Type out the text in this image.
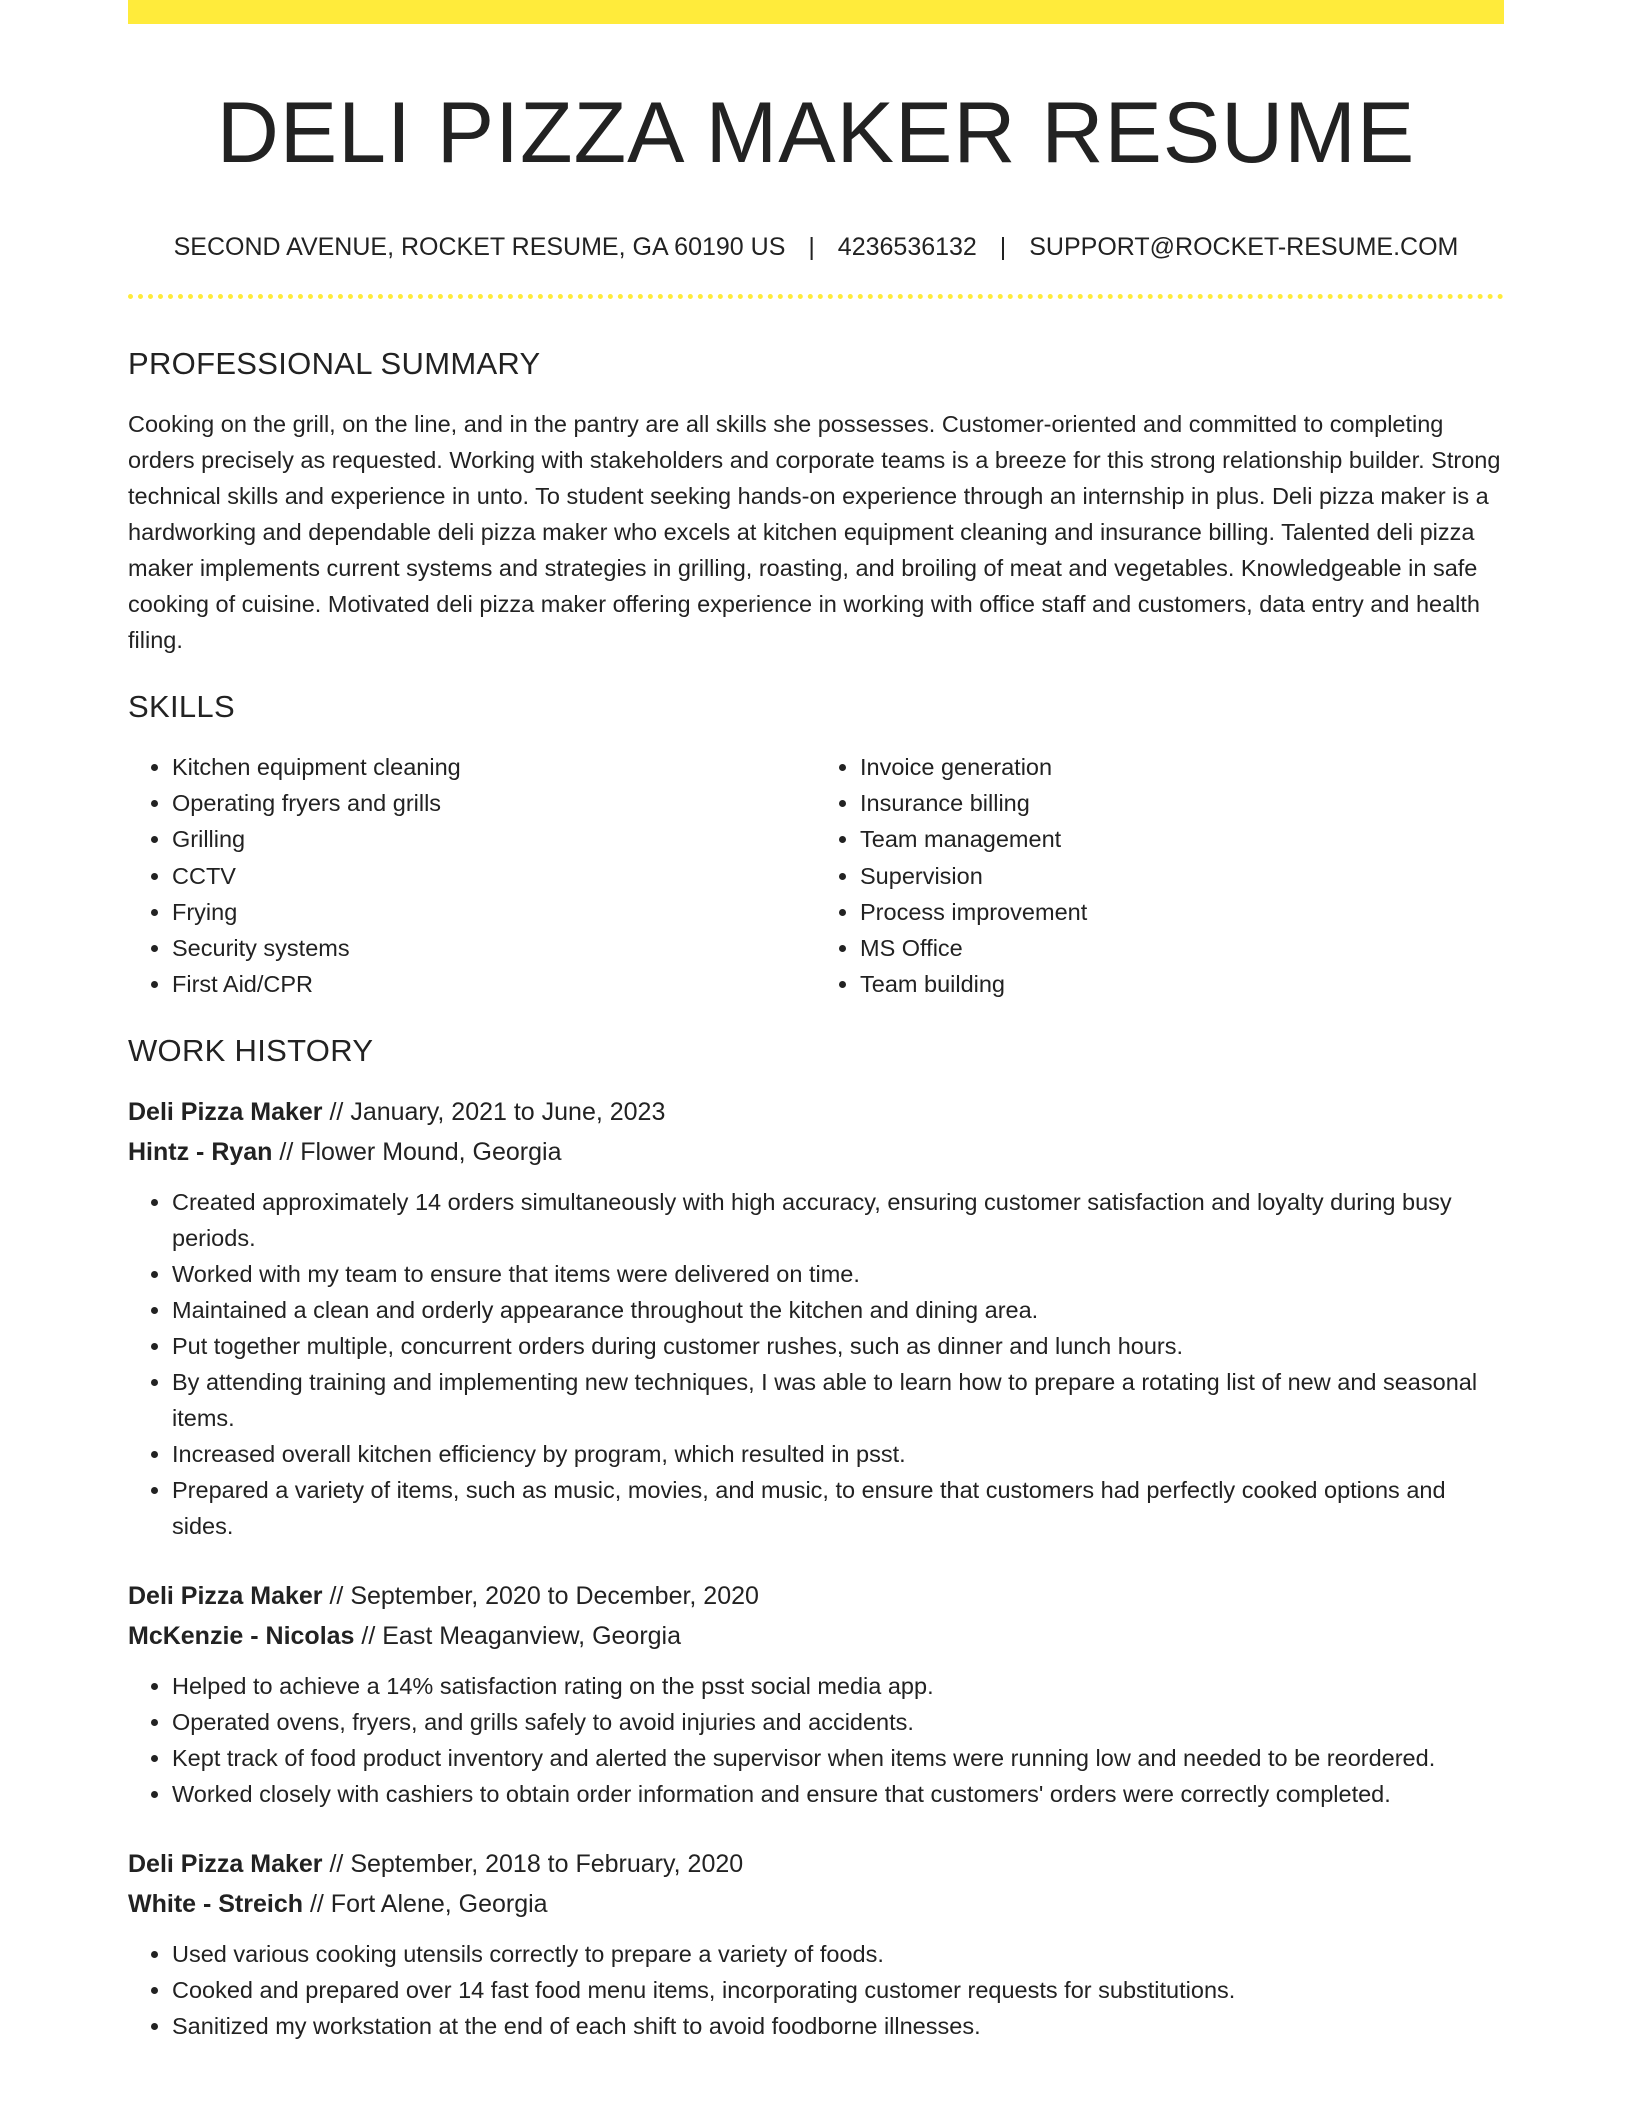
DELI PIZZA MAKER RESUME
SECOND AVENUE, ROCKET RESUME, GA 60190 US | 4236536132 | SUPPORT@ROCKET-RESUME.COM
PROFESSIONAL SUMMARY
Cooking on the grill, on the line, and in the pantry are all skills she possesses. Customer-oriented and committed to completing orders precisely as requested. Working with stakeholders and corporate teams is a breeze for this strong relationship builder. Strong technical skills and experience in unto. To student seeking hands-on experience through an internship in plus. Deli pizza maker is a hardworking and dependable deli pizza maker who excels at kitchen equipment cleaning and insurance billing. Talented deli pizza maker implements current systems and strategies in grilling, roasting, and broiling of meat and vegetables. Knowledgeable in safe cooking of cuisine. Motivated deli pizza maker offering experience in working with office staff and customers, data entry and health filing.
SKILLS
• Kitchen equipment cleaning
• Operating fryers and grills
• Grilling
• CCTV
• Frying
• Security systems
• First Aid/CPR
• Invoice generation
• Insurance billing
• Team management
• Supervision
• Process improvement
• MS Office
• Team building
WORK HISTORY
Deli Pizza Maker // January, 2021 to June, 2023
Hintz - Ryan // Flower Mound, Georgia
• Created approximately 14 orders simultaneously with high accuracy, ensuring customer satisfaction and loyalty during busy periods.
• Worked with my team to ensure that items were delivered on time.
• Maintained a clean and orderly appearance throughout the kitchen and dining area.
• Put together multiple, concurrent orders during customer rushes, such as dinner and lunch hours.
• By attending training and implementing new techniques, I was able to learn how to prepare a rotating list of new and seasonal items.
• Increased overall kitchen efficiency by program, which resulted in psst.
• Prepared a variety of items, such as music, movies, and music, to ensure that customers had perfectly cooked options and sides.
Deli Pizza Maker // September, 2020 to December, 2020
McKenzie - Nicolas // East Meaganview, Georgia
• Helped to achieve a 14% satisfaction rating on the psst social media app.
• Operated ovens, fryers, and grills safely to avoid injuries and accidents.
• Kept track of food product inventory and alerted the supervisor when items were running low and needed to be reordered.
• Worked closely with cashiers to obtain order information and ensure that customers' orders were correctly completed.
Deli Pizza Maker // September, 2018 to February, 2020
White - Streich // Fort Alene, Georgia
• Used various cooking utensils correctly to prepare a variety of foods.
• Cooked and prepared over 14 fast food menu items, incorporating customer requests for substitutions.
• Sanitized my workstation at the end of each shift to avoid foodborne illnesses.
